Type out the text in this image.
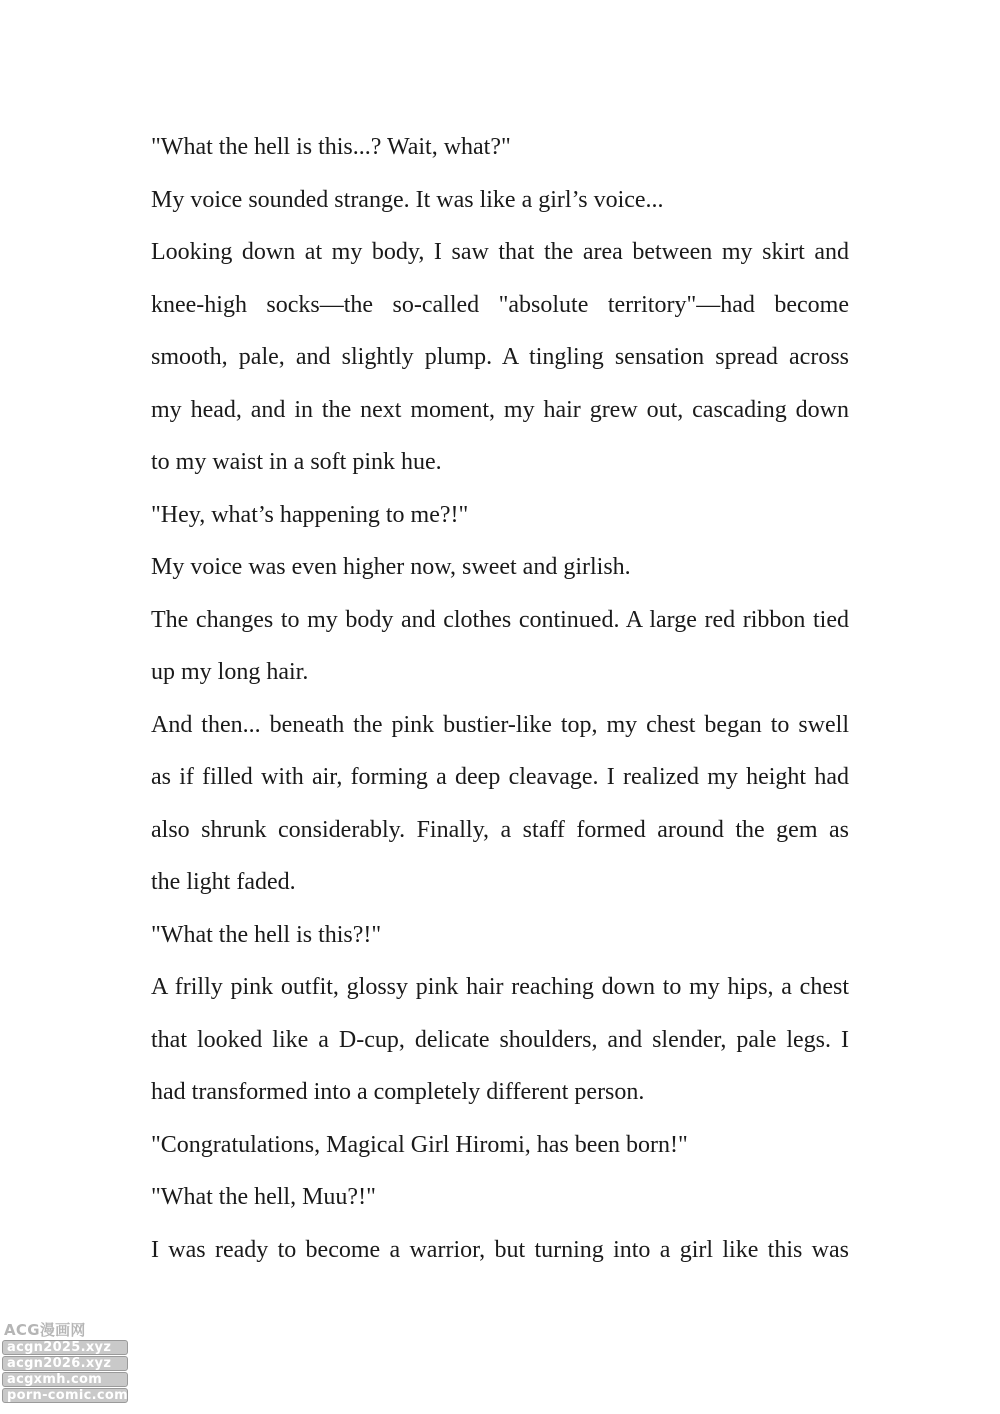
"What the hell is this...? Wait, what?"
My voice sounded strange. It was like a girl’s voice...
Looking down at my body, I saw that the area between my skirt and
knee-high socks—the so-called "absolute territory"—had become
smooth, pale, and slightly plump. A tingling sensation spread across
my head, and in the next moment, my hair grew out, cascading down
to my waist in a soft pink hue.
"Hey, what’s happening to me?!"
My voice was even higher now, sweet and girlish.
The changes to my body and clothes continued. A large red ribbon tied
up my long hair.
And then... beneath the pink bustier-like top, my chest began to swell
as if filled with air, forming a deep cleavage. I realized my height had
also shrunk considerably. Finally, a staff formed around the gem as
the light faded.
"What the hell is this?!"
A frilly pink outfit, glossy pink hair reaching down to my hips, a chest
that looked like a D-cup, delicate shoulders, and slender, pale legs. I
had transformed into a completely different person.
"Congratulations, Magical Girl Hiromi, has been born!"
"What the hell, Muu?!"
I was ready to become a warrior, but turning into a girl like this was
ACG漫画网
acgn2025.xyz
acgn2026.xyz
acgxmh.com
porn-comic.com
